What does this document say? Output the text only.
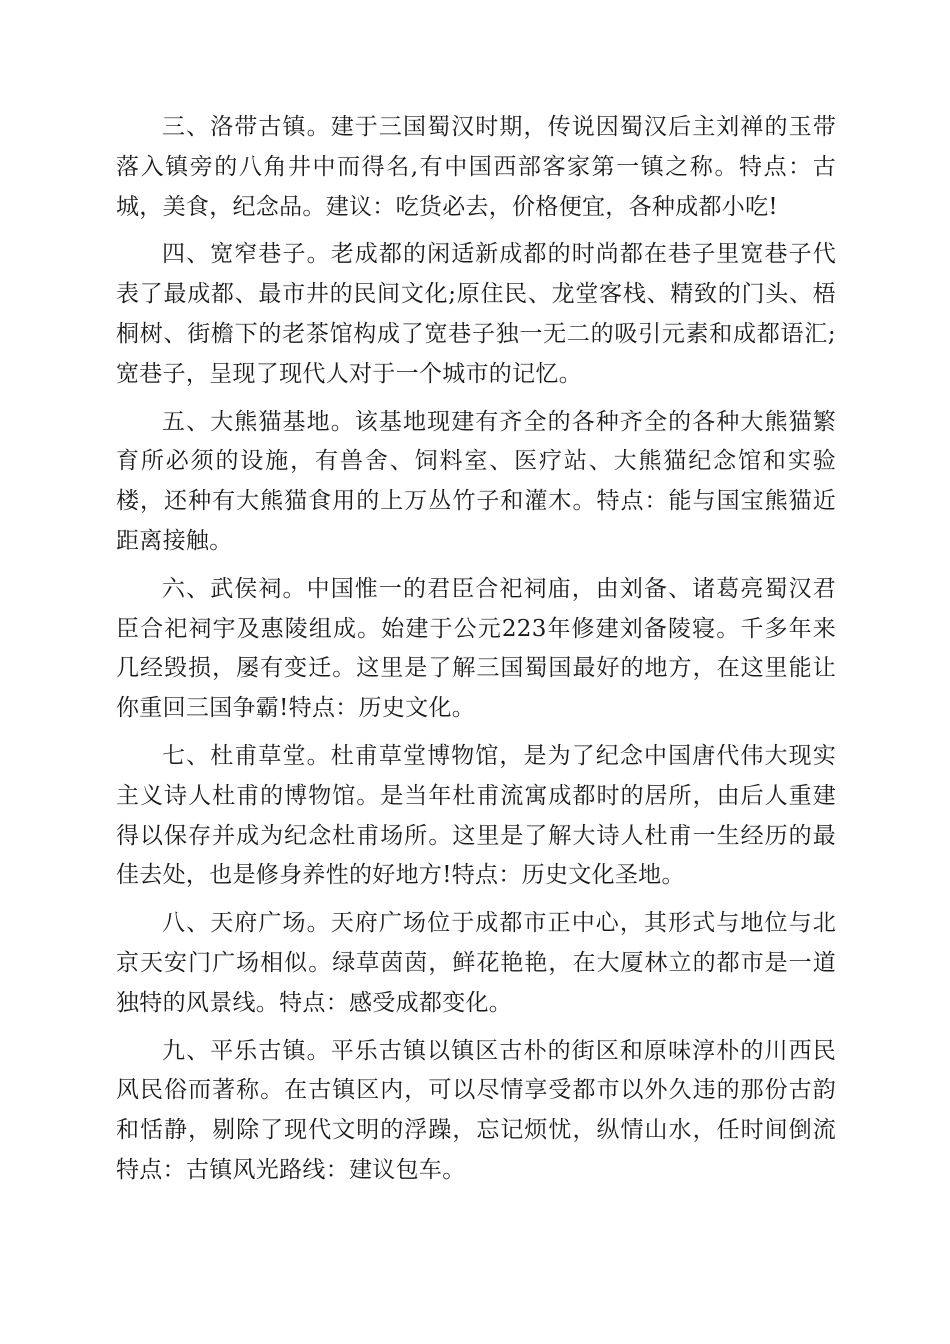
三、洛带古镇。建于三国蜀汉时期，传说因蜀汉后主刘禅的玉带落入镇旁的八角井中而得名,有中国西部客家第一镇之称。特点：古城，美食，纪念品。建议：吃货必去，价格便宜，各种成都小吃!

四、宽窄巷子。老成都的闲适新成都的时尚都在巷子里宽巷子代表了最成都、最市井的民间文化;原住民、龙堂客栈、精致的门头、梧桐树、街檐下的老茶馆构成了宽巷子独一无二的吸引元素和成都语汇;宽巷子，呈现了现代人对于一个城市的记忆。

五、大熊猫基地。该基地现建有齐全的各种齐全的各种大熊猫繁育所必须的设施，有兽舍、饲料室、医疗站、大熊猫纪念馆和实验楼，还种有大熊猫食用的上万丛竹子和灌木。特点：能与国宝熊猫近距离接触。

六、武侯祠。中国惟一的君臣合祀祠庙，由刘备、诸葛亮蜀汉君臣合祀祠宇及惠陵组成。始建于公元223年修建刘备陵寝。千多年来几经毁损，屡有变迁。这里是了解三国蜀国最好的地方，在这里能让你重回三国争霸!特点：历史文化。

七、杜甫草堂。杜甫草堂博物馆，是为了纪念中国唐代伟大现实主义诗人杜甫的博物馆。是当年杜甫流寓成都时的居所，由后人重建得以保存并成为纪念杜甫场所。这里是了解大诗人杜甫一生经历的最佳去处，也是修身养性的好地方!特点：历史文化圣地。

八、天府广场。天府广场位于成都市正中心，其形式与地位与北京天安门广场相似。绿草茵茵，鲜花艳艳，在大厦林立的都市是一道独特的风景线。特点：感受成都变化。

九、平乐古镇。平乐古镇以镇区古朴的街区和原味淳朴的川西民风民俗而著称。在古镇区内，可以尽情享受都市以外久违的那份古韵和恬静，剔除了现代文明的浮躁，忘记烦忧，纵情山水，任时间倒流特点：古镇风光路线：建议包车。
